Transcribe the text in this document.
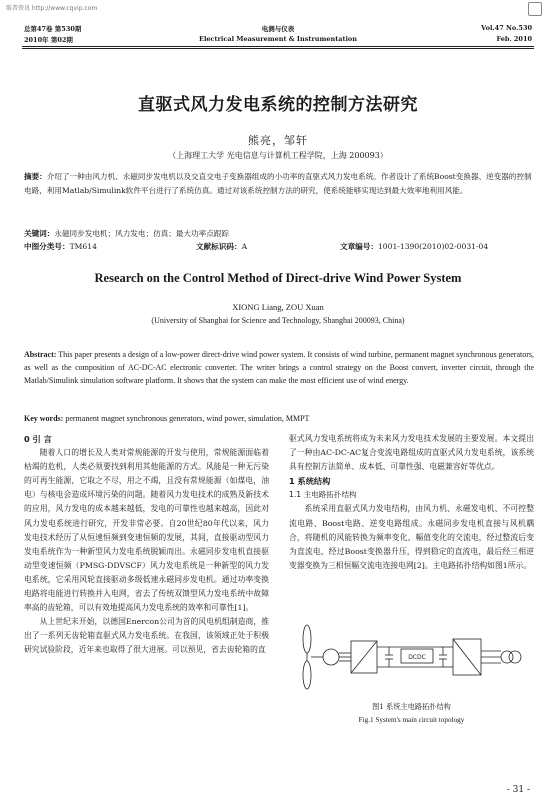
维普资讯 http://www.cqvip.com
总第47卷 第530期
2010年 第02期
电测与仪表
Electrical Measurement & Instrumentation
Vol.47 No.530
Feb. 2010
直驱式风力发电系统的控制方法研究
熊亮，邹轩
（上海理工大学 光电信息与计算机工程学院，上海 200093）
摘要：介绍了一种由风力机、永磁同步发电机以及交直交电子变换器组成的小功率的直驱式风力发电系统。作者设计了系统Boost变换器、逆变器的控制电路，利用Matlab/Simulink软件平台进行了系统仿真。通过对该系统控制方法的研究，使系统能够实现达到最大效率地利用风能。
关键词：永磁同步发电机；风力发电；仿真；最大功率点跟踪
中图分类号：TM614	文献标识码：A	文章编号：1001-1390(2010)02-0031-04
Research on the Control Method of Direct-drive Wind Power System
XIONG Liang, ZOU Xuan
(University of Shanghai for Science and Technology, Shanghai 200093, China)
Abstract: This paper presents a design of a low-power direct-drive wind power system. It consists of wind turbine, permanent magnet synchronous generators, as well as the composition of AC-DC-AC electronic converter. The writer brings a control strategy on the Boost convert, inverter circuit, through the Matlab/Simulink simulation software platform. It shows that the system can make the most efficient use of wind energy.
Key words: permanent magnet synchronous generators, wind power, simulation, MMPT

0 引 言

随着人口的增长及人类对常规能源的开发与使用，常规能源面临着枯竭的危机，人类必须要找到利用其他能源的方式。风能是一种无污染的可再生能源，它取之不尽，用之不竭，且没有常规能源（如煤电，油电）与核电会造成环境污染的问题。随着风力发电技术的成熟及新技术的应用，风力发电的成本越来越低，发电的可靠性也越来越高，因此对风力发电系统进行研究，开发非常必要。自20世纪80年代以来，风力发电技术经历了从恒速恒频到变速恒频的发展，其间，直接驱动型风力发电系统作为一种新型风力发电系统脱颖而出。永磁同步发电机直接驱动型变速恒频（PMSG-DDVSCF）风力发电系统是一种新型的风力发电系统，它采用风轮直接驱动多级低速永磁同步发电机。通过功率变换电路将电能进行转换并入电网，省去了传统双馈型风力发电系统中故障率高的齿轮箱，可以有效地提高风力发电系统的效率和可靠性[1]。

从上世纪末开始，以德国Enercon公司为首的风电机组制造商，推出了一系列无齿轮箱直驱式风力发电系统。在我国，该领域正处于积极研究试验阶段，近年来也取得了很大进展。可以预见，省去齿轮箱的直

驱式风力发电系统将成为未来风力发电技术发展的主要发展。本文提出了一种由AC-DC-AC复合变流电路组成的直驱式风力发电系统，该系统具有控制方法简单、成本低、可靠性强、电磁兼容好等优点。

1 系统结构

1.1 主电路拓扑结构

系统采用直驱式风力发电结构，由风力机、永磁发电机、不可控整流电路、Boost电路、逆变电路组成。永磁同步发电机直接与风机耦合，将随机的风能转换为频率变化、幅值变化的交流电，经过整流后变为直流电，经过Boost变换器升压，得到稳定的直流电，最后经三相逆变器变换为三相恒幅交流电连接电网[2]。主电路拓扑结构如图1所示。

DCDC
图1 系统主电路拓扑结构
Fig.1 System's main circuit topology
- 31 -
